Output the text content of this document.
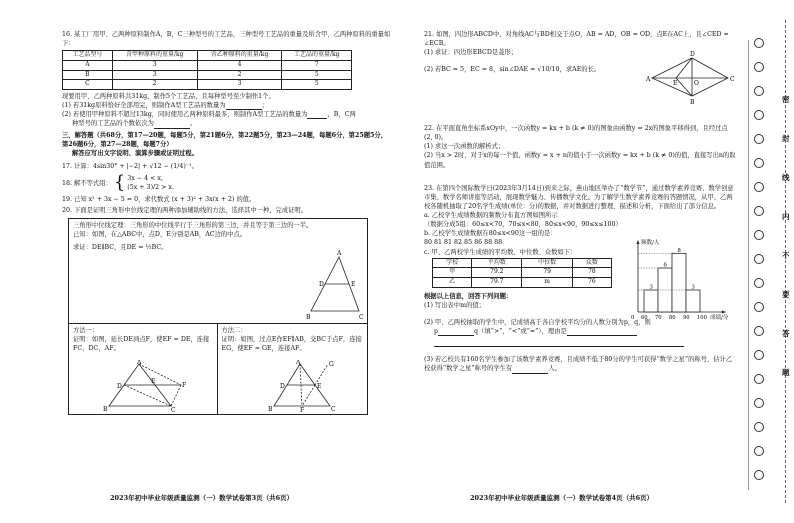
16. 某工厂用甲、乙两种原料制作A，B，C三种型号的工艺品，三种型号工艺品的重量及所含甲、乙两种原料的重量如下：

工艺品型号	含甲种原料的重量/kg	含乙种原料的重量/kg	工艺品的重量/kg
A	3	4	7
B	3	2	5
C	2	3	5

现要用甲、乙两种原料共31kg，制作5个工艺品，且每种型号至少制作1个。

(1) 若31kg原料恰好全部用完，则制作A型工艺品的数量为	；

(2) 若使用甲种原料不超过13kg，同时使用乙两种原料最多，则制作A型工艺品的数量为	，B，C两

种型号的工艺品的个数依次为	。

三、解答题（共68分，第17—20题，每题5分，第21题6分，第22题5分，第23—24题，每题6分，第25题5分，第26题6分，第27—28题，每题7分）

解答应写出文字说明、演算步骤或证明过程。

17. 计算：4sin30° + |−2| + √12 − (1/4)⁻¹。

18. 解不等式组： { 3x − 4 < x,
(5x + 3)/2 > x.

19. 已知 x² + 3x − 5 = 0，求代数式 (x + 3)² + 3x(x + 2) 的值。

20. 下面是证明三角形中位线定理的两种添加辅助线的方法，选择其中一种，完成证明。

三角形中位线定理：三角形的中位线平行于三角形的第三边，并且等于第三边的一半。

已知：如图，在△ABC中，点D，E分别是AB，AC边的中点。

求证：DE∥BC，且DE = ½BC。

A
D	E
B	C

方法一：

证明：如图，延长DE到点F，使EF = DE，连接FC，DC，AF。

A
D
E
F
B	C

方法二：

证明：如图，过点E作EF∥AB，交BC于点F，连接EG，使EF = GE，连接AF。

A
D	E
G
B	F	C
2023年初中毕业年级质量监测（一）数学试卷第3页（共6页）

21. 如图，四边形ABCD中，对角线AC与BD相交于点O，AB = AD，OB = OD，点E在AC上，且∠CED = ∠ECB。

(1) 求证：四边形EBCD是菱形；

(2) 若BC = 5，EC = 8，sin∠DAE = √10/10，求AE的长。

D
A
E	O
C
B

22. 在平面直角坐标系xOy中，一次函数y = kx + b (k ≠ 0)的图象由函数y = 2x的图象平移得到，且经过点(2, 0)。

(1) 求这一次函数的解析式；

(2) 当x > 2时，对于x的每一个值，函数y = x + n的值小于一次函数y = kx + b (k ≠ 0)的值，直接写出n的取值范围。

23. 在第四个国际数学日(2023年3月14日)到来之际，燕山地区举办了“数学节”，通过数学素养竞赛、数学创意市集、数学名师讲座等活动，展现数学魅力、传播数学文化。为了解学生数学素养竞赛的答题情况，从甲、乙两校各随机抽取了20名学生成绩(单位：分)的数据，并对数据进行整理、描述和分析，下面给出了部分信息。

a. 乙校学生成绩数据的频数分布直方图如图所示

（数据分成5组：60≤x<70，70≤x<80，80≤x<90，90≤x≤100）

b. 乙校学生成绩数据在80≤x<90这一组的是：

80 81 81 82 85 86 88 88

c. 甲、乙两校学生成绩的平均数、中位数、众数如下：

学校	平均数	中位数	众数
甲	79.2	79	78
乙	79.7	m	76
频数/人
成绩/分
0 60 70 80 90 100
3
6
8
3

根据以上信息，回答下列问题：

(1) 写出表中m的值；

(2) 甲、乙两校抽取的学生中，记成绩高于各自学校平均分的人数分别为p，q，则

p	q（填“>”，“<”或“=”），理由是

(3) 若乙校共有160名学生参加了该数学素养竞赛，且成绩不低于80分的学生可获得“数学之星”的称号，估计乙校获得“数学之星”称号的学生有	人。

2023年初中毕业年级质量监测（一）数学试卷第4页（共6页）
密
封
线
内
不
要
答
题
